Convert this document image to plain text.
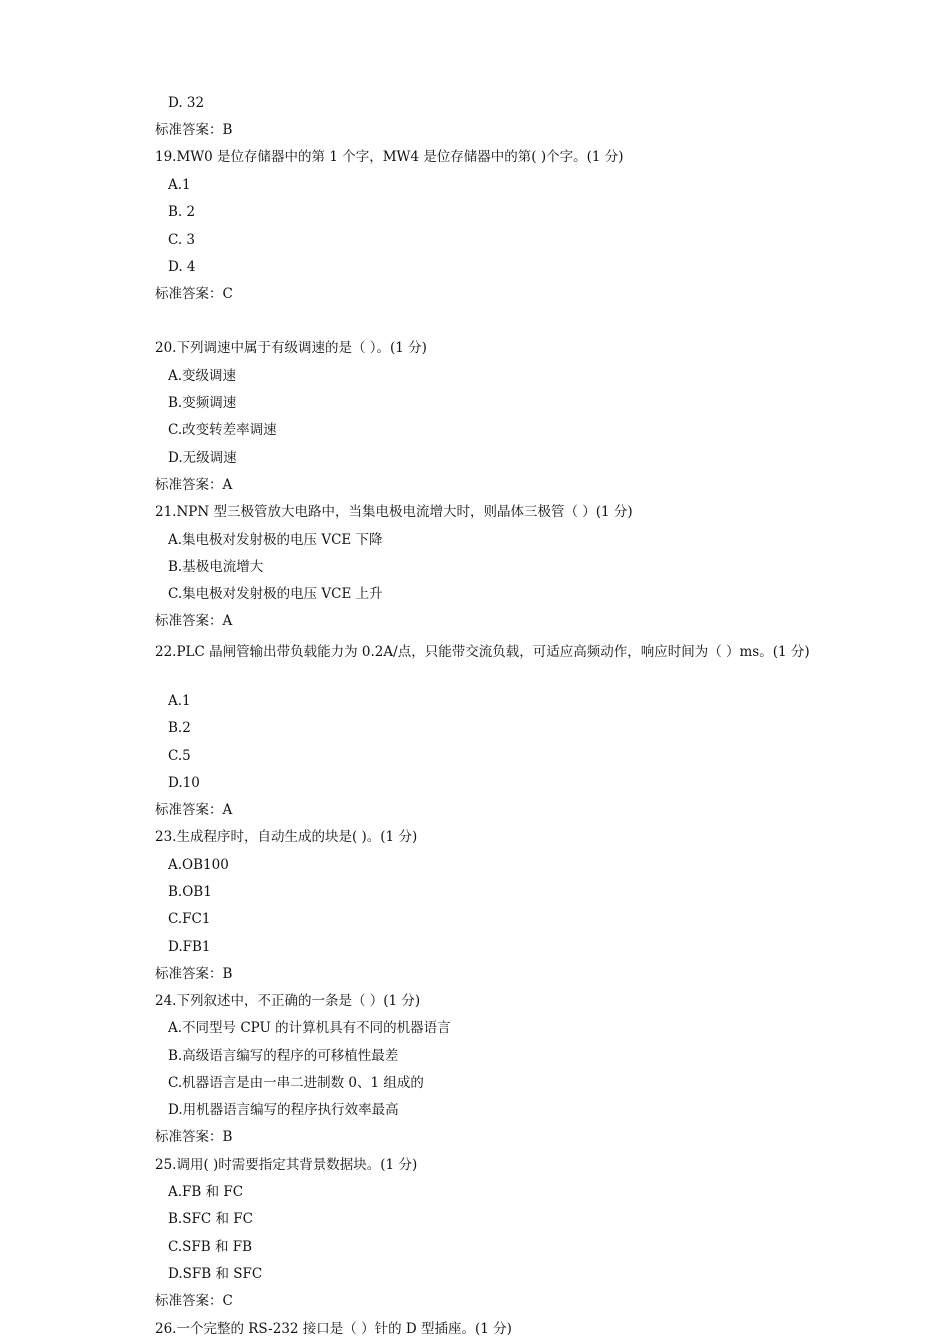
D. 32
标准答案：B
19.MW0 是位存储器中的第 1 个字，MW4 是位存储器中的第( )个字。(1 分)
A.1
B. 2
C. 3
D. 4
标准答案：C
20.下列调速中属于有级调速的是（ ）。(1 分)
A.变级调速
B.变频调速
C.改变转差率调速
D.无级调速
标准答案：A
21.NPN 型三极管放大电路中，当集电极电流增大时，则晶体三极管（ ）(1 分)
A.集电极对发射极的电压 VCE 下降
B.基极电流增大
C.集电极对发射极的电压 VCE 上升
标准答案：A
22.PLC 晶闸管输出带负载能力为 0.2A/点，只能带交流负载，可适应高频动作，响应时间为（ ）ms。(1 分)
A.1
B.2
C.5
D.10
标准答案：A
23.生成程序时，自动生成的块是( )。(1 分)
A.OB100
B.OB1
C.FC1
D.FB1
标准答案：B
24.下列叙述中，不正确的一条是（ ）(1 分)
A.不同型号 CPU 的计算机具有不同的机器语言
B.高级语言编写的程序的可移植性最差
C.机器语言是由一串二进制数 0、1 组成的
D.用机器语言编写的程序执行效率最高
标准答案：B
25.调用( )时需要指定其背景数据块。(1 分)
A.FB 和 FC
B.SFC 和 FC
C.SFB 和 FB
D.SFB 和 SFC
标准答案：C
26.一个完整的 RS-232 接口是（ ）针的 D 型插座。(1 分)
